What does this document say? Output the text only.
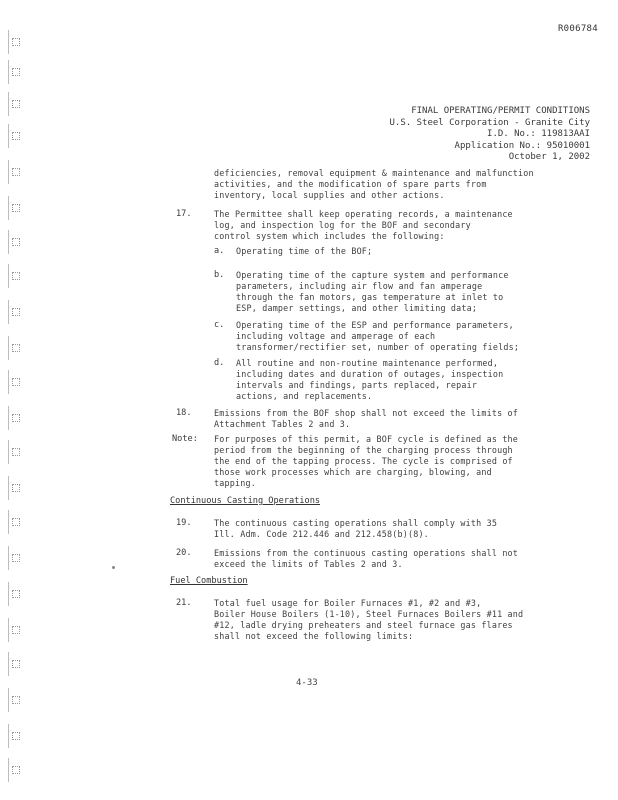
R006784
FINAL OPERATING/PERMIT CONDITIONS
U.S. Steel Corporation - Granite City
I.D. No.: 119813AAI
Application No.: 95010001
October 1, 2002
deficiencies, removal equipment & maintenance and malfunction
activities, and the modification of spare parts from
inventory, local supplies and other actions.
17.	The Permittee shall keep operating records, a maintenance
log, and inspection log for the BOF and secondary
control system which includes the following:
a. Operating time of the BOF;
b. Operating time of the capture system and performance
parameters, including air flow and fan amperage
through the fan motors, gas temperature at inlet to
ESP, damper settings, and other limiting data;
c. Operating time of the ESP and performance parameters,
including voltage and amperage of each
transformer/rectifier set, number of operating fields;
d. All routine and non-routine maintenance performed,
including dates and duration of outages, inspection
intervals and findings, parts replaced, repair
actions, and replacements.
18.	Emissions from the BOF shop shall not exceed the limits of
Attachment Tables 2 and 3.
Note: For purposes of this permit, a BOF cycle is defined as the
period from the beginning of the charging process through
the end of the tapping process. The cycle is comprised of
those work processes which are charging, blowing, and
tapping.
Continuous Casting Operations
19.	The continuous casting operations shall comply with 35
Ill. Adm. Code 212.446 and 212.458(b)(8).
20.	Emissions from the continuous casting operations shall not
exceed the limits of Tables 2 and 3.
Fuel Combustion
21.	Total fuel usage for Boiler Furnaces #1, #2 and #3,
Boiler House Boilers (1-10), Steel Furnaces Boilers #11 and
#12, ladle drying preheaters and steel furnace gas flares
shall not exceed the following limits:
4-33
